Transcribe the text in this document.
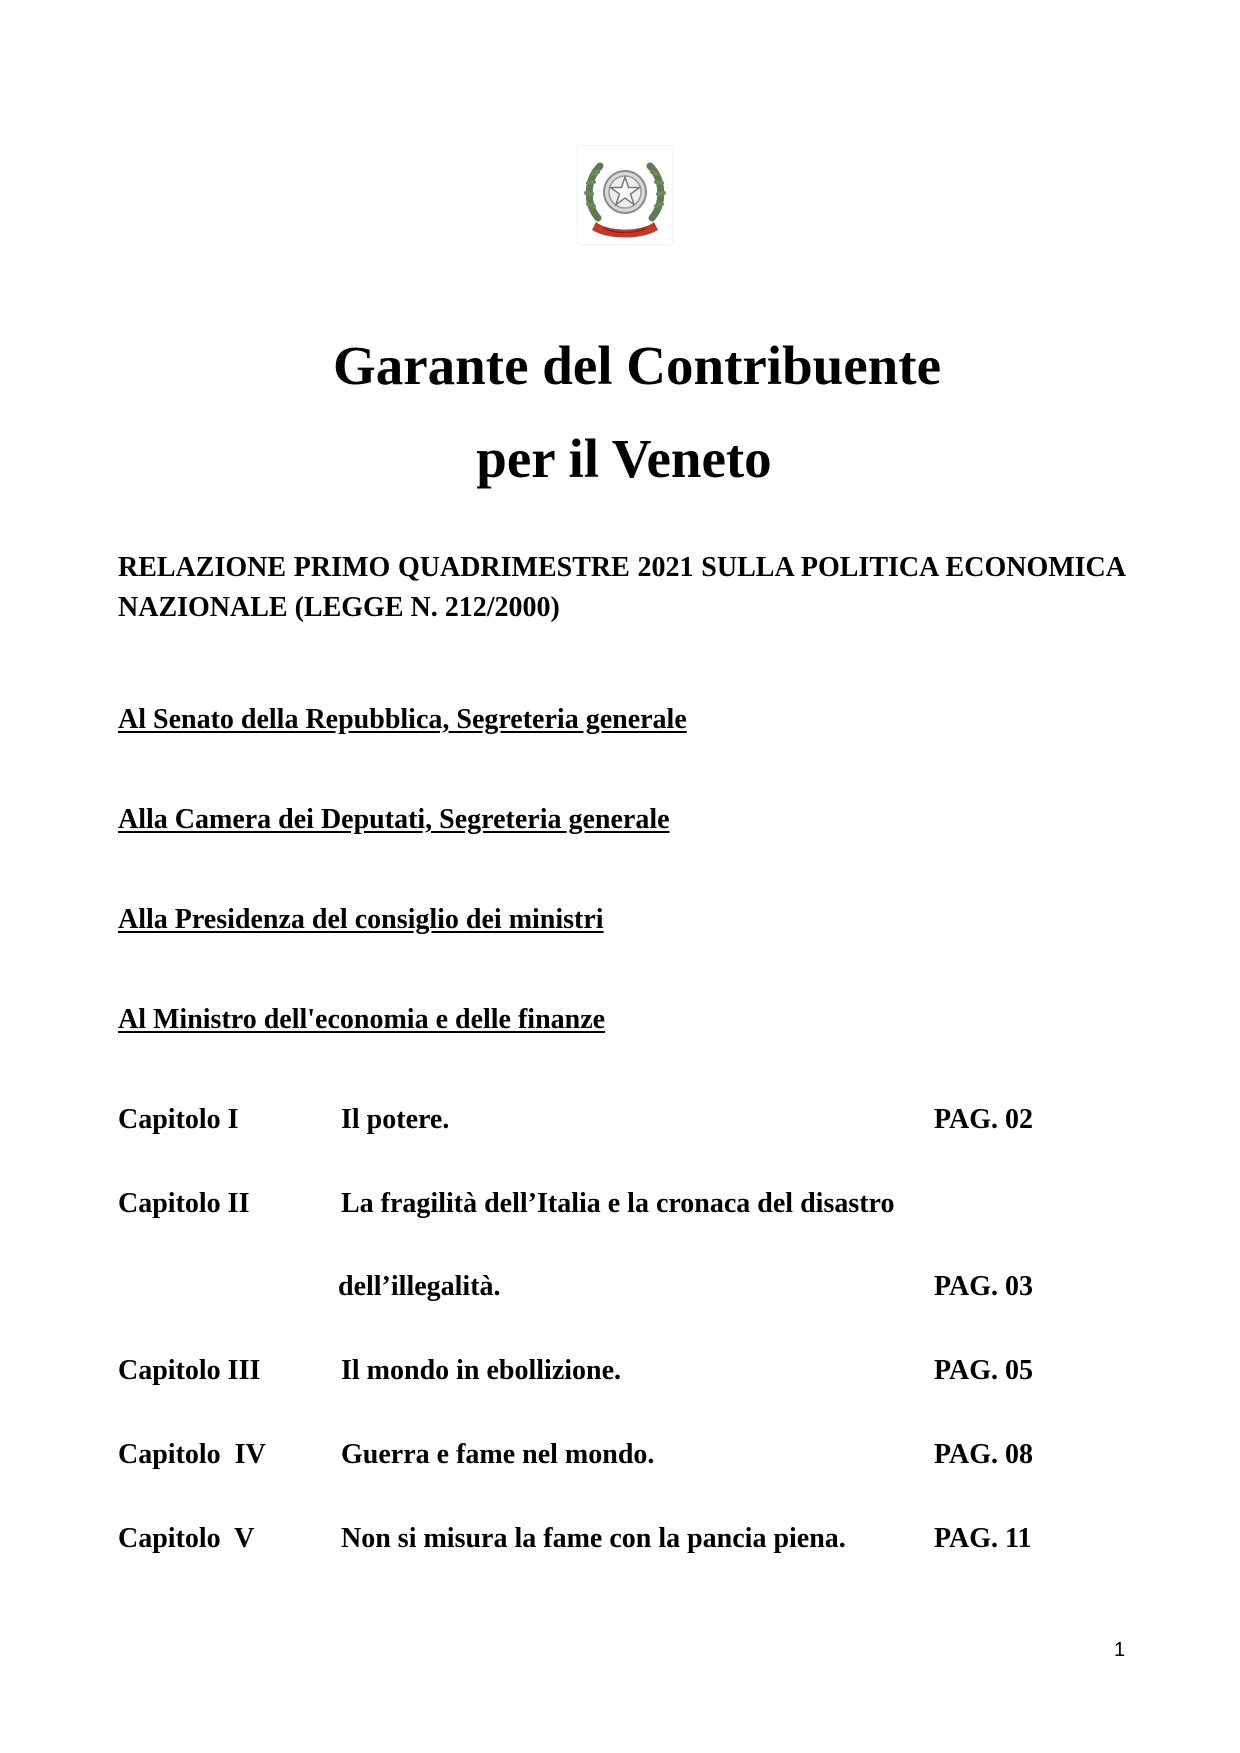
Garante del Contribuente
per il Veneto

RELAZIONE PRIMO QUADRIMESTRE 2021 SULLA POLITICA ECONOMICA NAZIONALE (LEGGE N. 212/2000)

Al Senato della Repubblica, Segreteria generale

Alla Camera dei Deputati, Segreteria generale

Alla Presidenza del consiglio dei ministri

Al Ministro dell'economia e delle finanze

Capitolo I	Il potere.	PAG. 02
Capitolo II	La fragilità dell’Italia e la cronaca del disastro
dell’illegalità.	PAG. 03
Capitolo III	Il mondo in ebollizione.	PAG. 05
Capitolo  IV	Guerra e fame nel mondo.	PAG. 08
Capitolo  V	Non si misura la fame con la pancia piena.	PAG. 11
1
